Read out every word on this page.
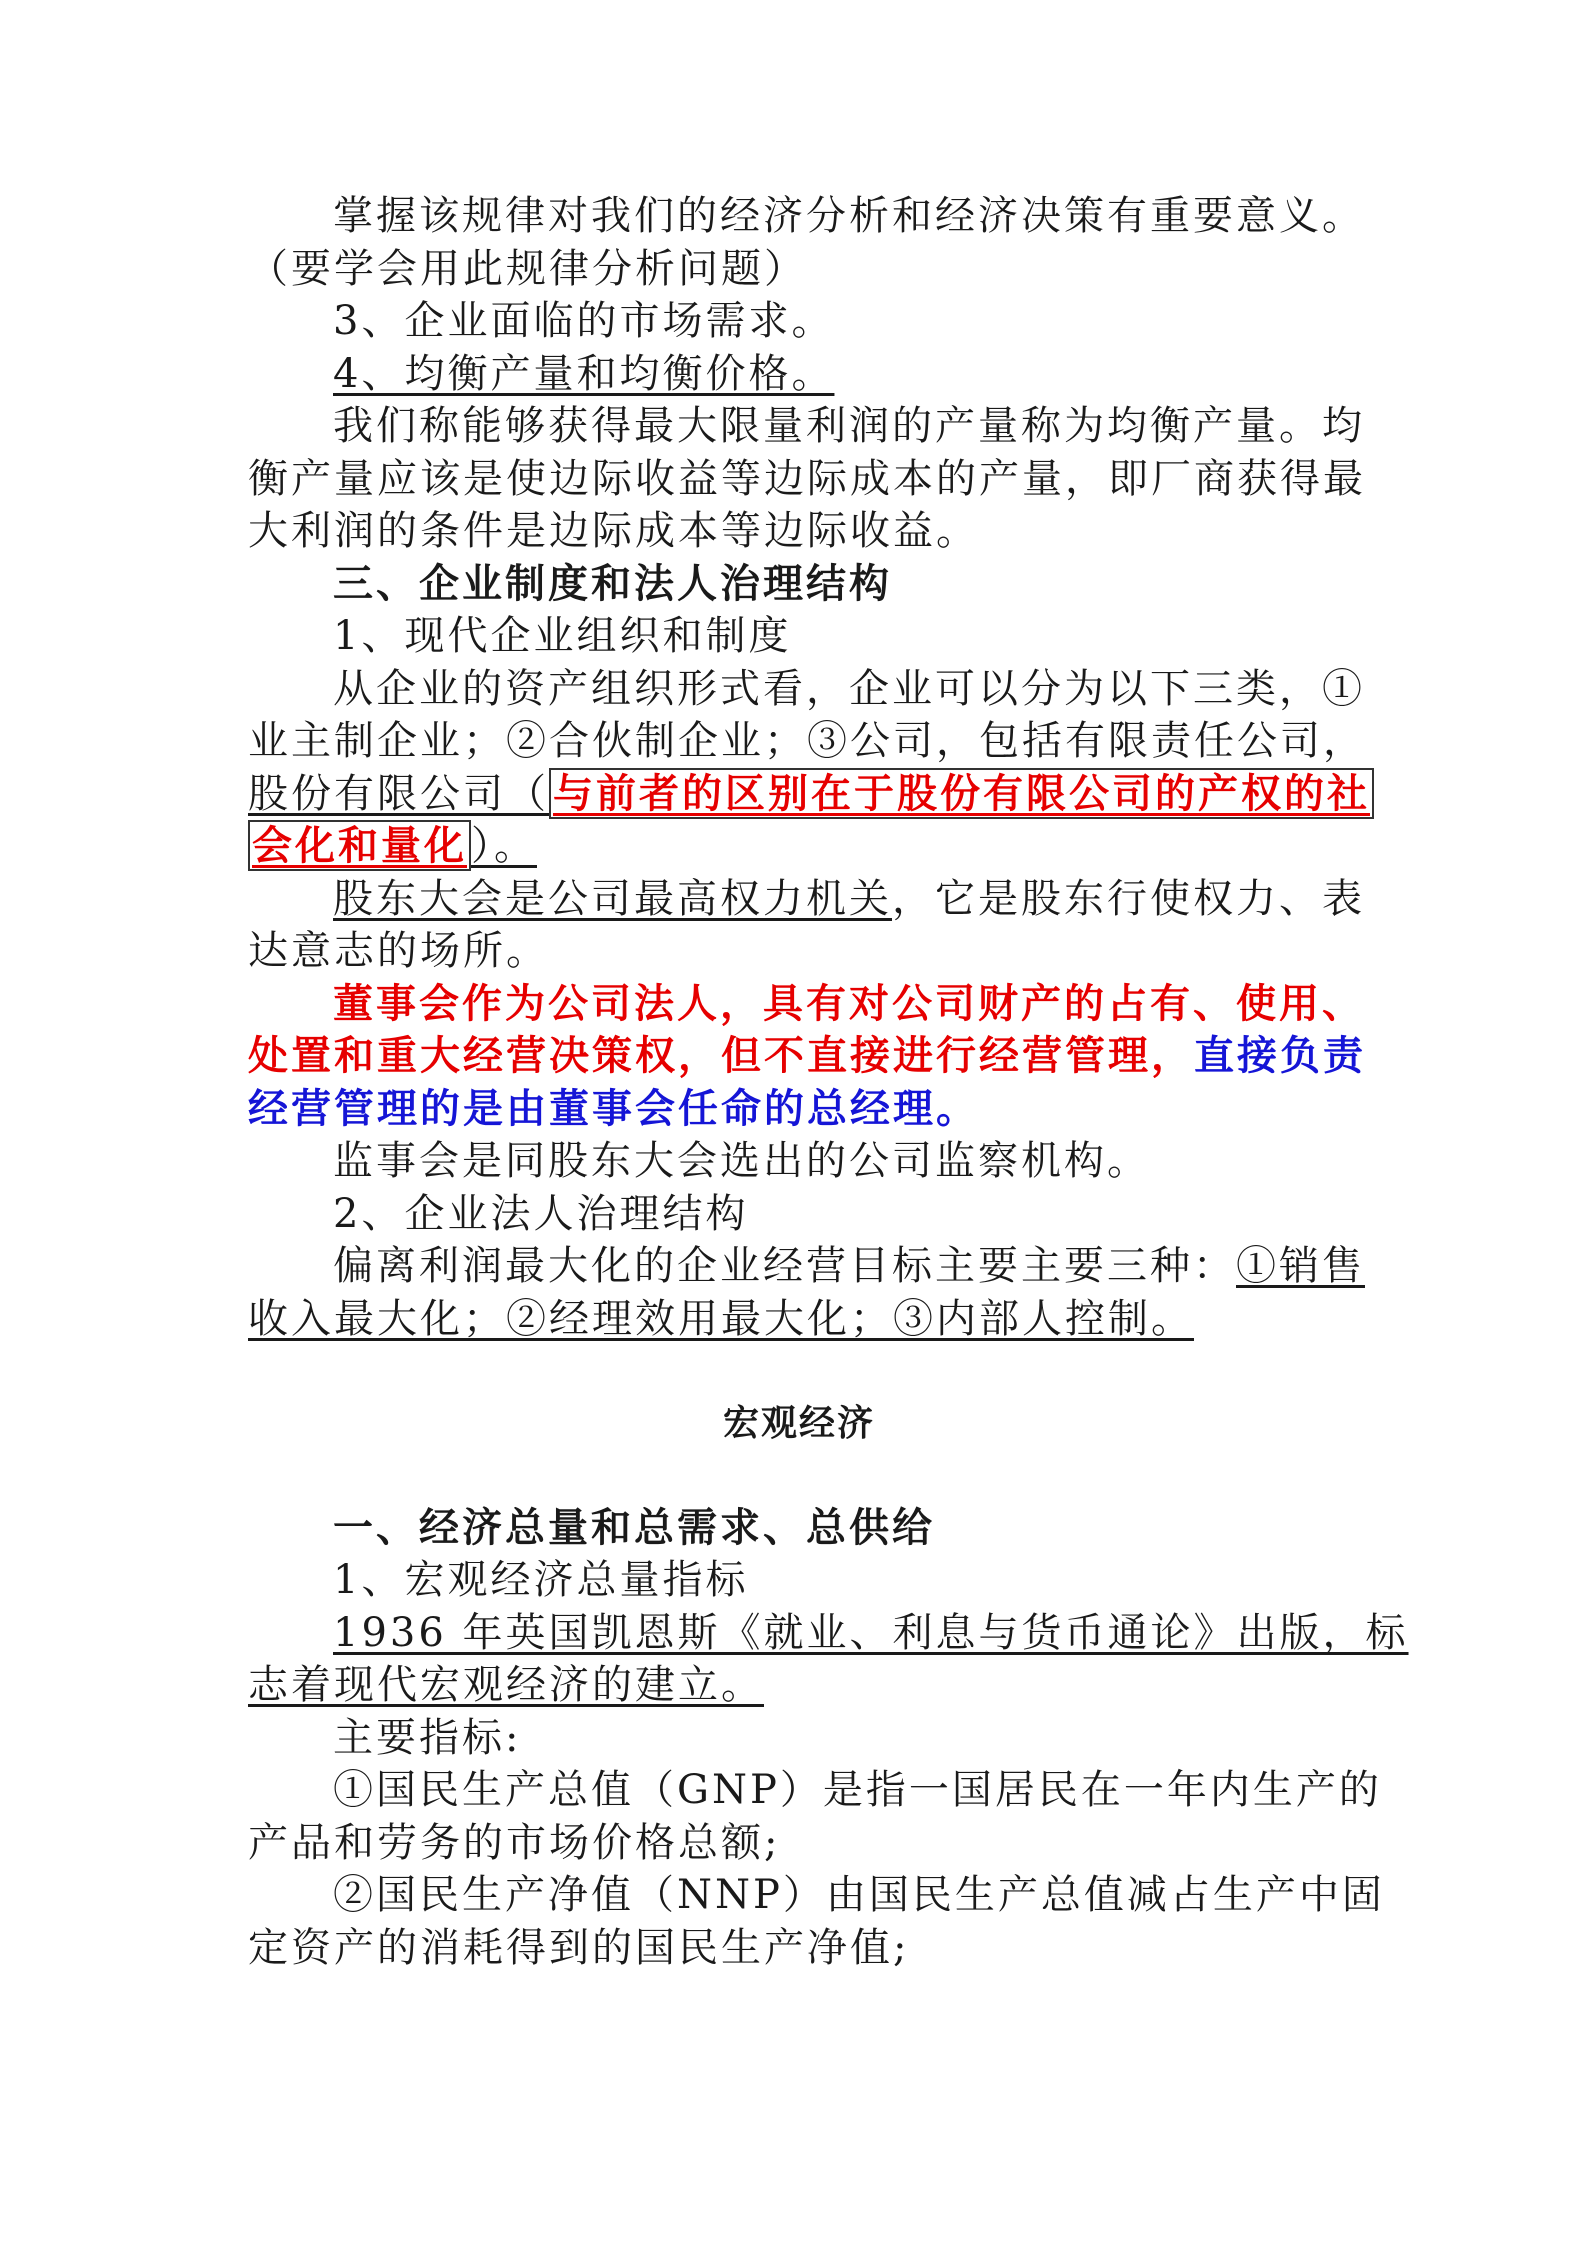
掌握该规律对我们的经济分析和经济决策有重要意义。
（要学会用此规律分析问题）
3、企业面临的市场需求。
4、均衡产量和均衡价格。
我们称能够获得最大限量利润的产量称为均衡产量。均
衡产量应该是使边际收益等边际成本的产量，即厂商获得最
大利润的条件是边际成本等边际收益。
三、企业制度和法人治理结构
1、现代企业组织和制度
从企业的资产组织形式看，企业可以分为以下三类，①
业主制企业；②合伙制企业；③公司，包括有限责任公司，
股份有限公司（ 与前者的区别在于股份有限公司的产权的社
会化和量化 ）。
股东大会是公司最高权力机关，它是股东行使权力、表
达意志的场所。
董事会作为公司法人，具有对公司财产的占有、使用、
处置和重大经营决策权，但不直接进行经营管理，直接负责
经营管理的是由董事会任命的总经理。
监事会是同股东大会选出的公司监察机构。
2、企业法人治理结构
偏离利润最大化的企业经营目标主要主要三种：①销售
收入最大化；②经理效用最大化；③内部人控制。
宏观经济
一、经济总量和总需求、总供给
1、宏观经济总量指标
1936 年英国凯恩斯《就业、利息与货币通论》出版，标
志着现代宏观经济的建立。
主要指标:
①国民生产总值（GNP）是指一国居民在一年内生产的
产品和劳务的市场价格总额;
②国民生产净值（NNP）由国民生产总值减占生产中固
定资产的消耗得到的国民生产净值;
